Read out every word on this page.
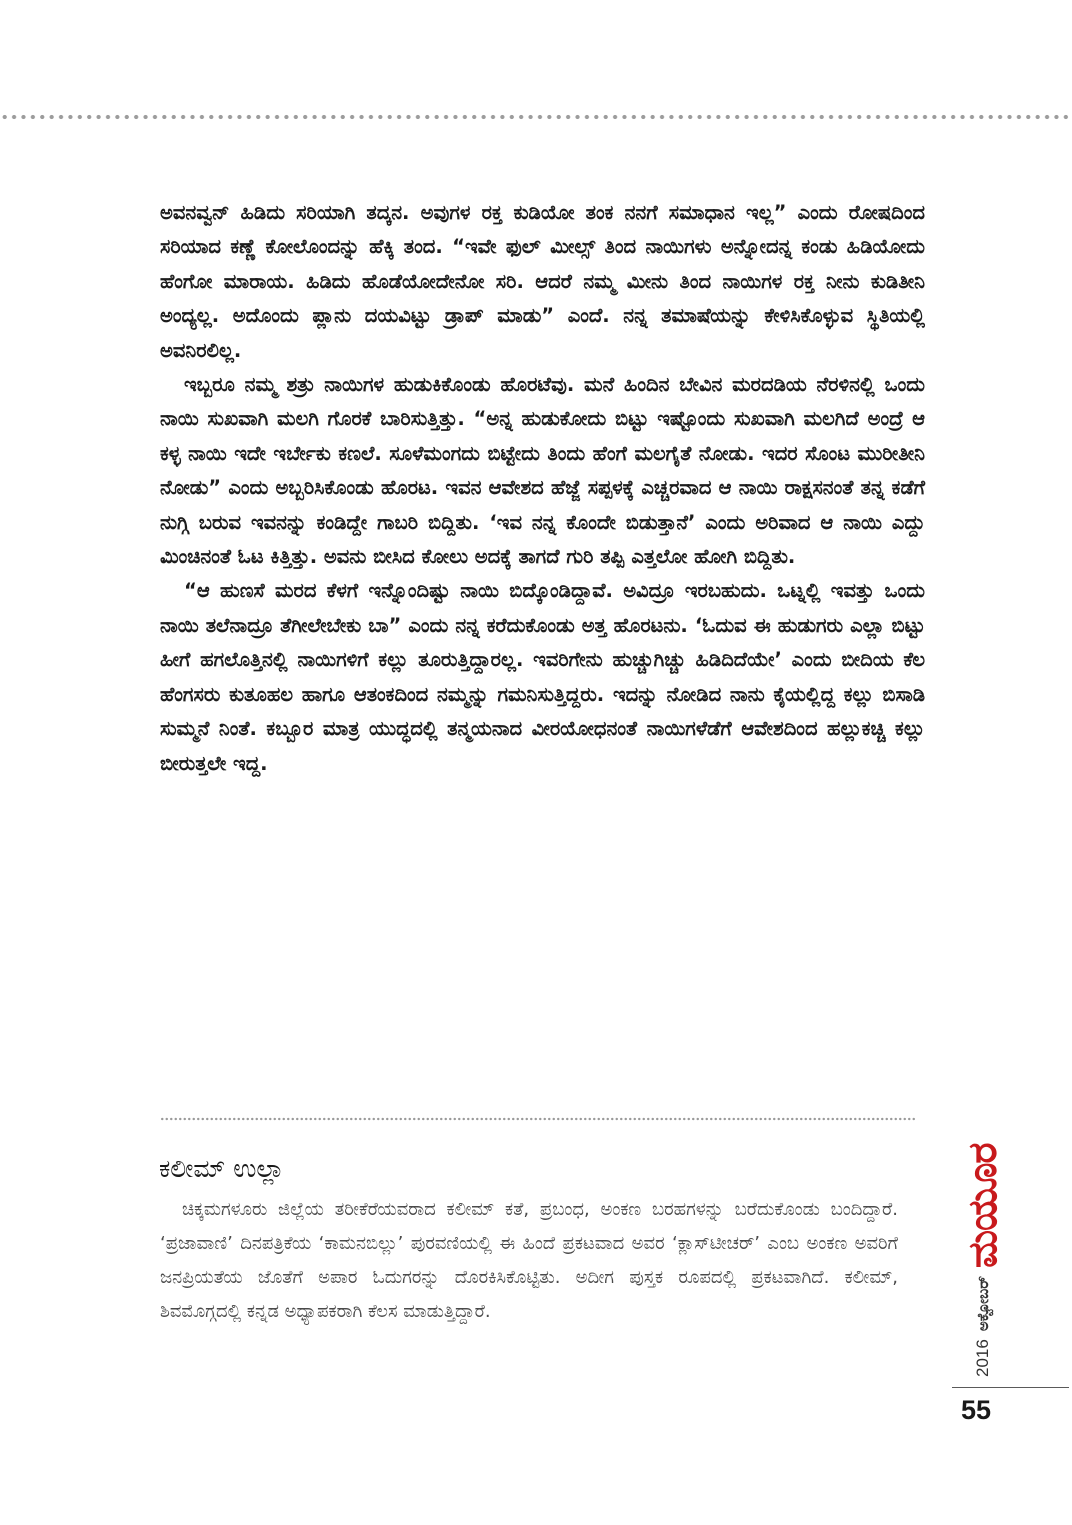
ಅವನವ್ವನ್ ಹಿಡಿದು ಸರಿಯಾಗಿ ತದ್ಕನ. ಅವುಗಳ ರಕ್ತ ಕುಡಿಯೋ ತಂಕ ನನಗೆ ಸಮಾಧಾನ ಇಲ್ಲ” ಎಂದು ರೋಷದಿಂದ ಸರಿಯಾದ ಕಣ್ಣೆ ಕೋಲೊಂದನ್ನು ಹೆಕ್ಕಿ ತಂದ. “ಇವೇ ಫುಲ್ ಮೀಲ್ಸ್ ತಿಂದ ನಾಯಿಗಳು ಅನ್ನೋದನ್ನ ಕಂಡು ಹಿಡಿಯೋದು ಹೆಂಗೋ ಮಾರಾಯ. ಹಿಡಿದು ಹೊಡೆಯೋದೇನೋ ಸರಿ. ಆದರೆ ನಮ್ಮ ಮೀನು ತಿಂದ ನಾಯಿಗಳ ರಕ್ತ ನೀನು ಕುಡಿತೀನಿ ಅಂದ್ಯಲ್ಲ. ಅದೊಂದು ಪ್ಲಾನು ದಯವಿಟ್ಟು ಡ್ರಾಪ್ ಮಾಡು” ಎಂದೆ. ನನ್ನ ತಮಾಷೆಯನ್ನು ಕೇಳಿಸಿಕೊಳ್ಳುವ ಸ್ಥಿತಿಯಲ್ಲಿ ಅವನಿರಲಿಲ್ಲ.

ಇಬ್ಬರೂ ನಮ್ಮ ಶತ್ರು ನಾಯಿಗಳ ಹುಡುಕಿಕೊಂಡು ಹೊರಟೆವು. ಮನೆ ಹಿಂದಿನ ಬೇವಿನ ಮರದಡಿಯ ನೆರಳಿನಲ್ಲಿ ಒಂದು ನಾಯಿ ಸುಖವಾಗಿ ಮಲಗಿ ಗೊರಕೆ ಬಾರಿಸುತ್ತಿತ್ತು. “ಅನ್ನ ಹುಡುಕೋದು ಬಿಟ್ಟು ಇಷ್ಟೊಂದು ಸುಖವಾಗಿ ಮಲಗಿದೆ ಅಂದ್ರೆ ಆ ಕಳ್ಳ ನಾಯಿ ಇದೇ ಇರ್ಬೇಕು ಕಣಲೆ. ಸೂಳೆಮಂಗದು ಬಿಟ್ಟೇದು ತಿಂದು ಹೆಂಗೆ ಮಲಗೈತೆ ನೋಡು. ಇದರ ಸೊಂಟ ಮುರೀತೀನಿ ನೋಡು” ಎಂದು ಅಬ್ಬರಿಸಿಕೊಂಡು ಹೊರಟ. ಇವನ ಆವೇಶದ ಹೆಜ್ಜೆ ಸಪ್ಪಳಕ್ಕೆ ಎಚ್ಚರವಾದ ಆ ನಾಯಿ ರಾಕ್ಷಸನಂತೆ ತನ್ನ ಕಡೆಗೆ ನುಗ್ಗಿ ಬರುವ ಇವನನ್ನು ಕಂಡಿದ್ದೇ ಗಾಬರಿ ಬಿದ್ದಿತು. ‘ಇವ ನನ್ನ ಕೊಂದೇ ಬಿಡುತ್ತಾನೆ’ ಎಂದು ಅರಿವಾದ ಆ ನಾಯಿ ಎದ್ದು ಮಿಂಚಿನಂತೆ ಓಟ ಕಿತ್ತಿತ್ತು. ಅವನು ಬೀಸಿದ ಕೋಲು ಅದಕ್ಕೆ ತಾಗದೆ ಗುರಿ ತಪ್ಪಿ ಎತ್ತಲೋ ಹೋಗಿ ಬಿದ್ದಿತು.

“ಆ ಹುಣಸೆ ಮರದ ಕೆಳಗೆ ಇನ್ನೊಂದಿಷ್ಟು ನಾಯಿ ಬಿದ್ಕೊಂಡಿದ್ದಾವೆ. ಅವಿದ್ರೂ ಇರಬಹುದು. ಒಟ್ನಲ್ಲಿ ಇವತ್ತು ಒಂದು ನಾಯಿ ತಲೆನಾದ್ರೂ ತೆಗೀಲೇಬೇಕು ಬಾ” ಎಂದು ನನ್ನ ಕರೆದುಕೊಂಡು ಅತ್ತ ಹೊರಟನು. ‘ಓದುವ ಈ ಹುಡುಗರು ಎಲ್ಲಾ ಬಿಟ್ಟು ಹೀಗೆ ಹಗಲೊತ್ತಿನಲ್ಲಿ ನಾಯಿಗಳಿಗೆ ಕಲ್ಲು ತೂರುತ್ತಿದ್ದಾರಲ್ಲ. ಇವರಿಗೇನು ಹುಚ್ಚುಗಿಚ್ಚು ಹಿಡಿದಿದೆಯೇ’ ಎಂದು ಬೀದಿಯ ಕೆಲ ಹೆಂಗಸರು ಕುತೂಹಲ ಹಾಗೂ ಆತಂಕದಿಂದ ನಮ್ಮನ್ನು ಗಮನಿಸುತ್ತಿದ್ದರು. ಇದನ್ನು ನೋಡಿದ ನಾನು ಕೈಯಲ್ಲಿದ್ದ ಕಲ್ಲು ಬಿಸಾಡಿ ಸುಮ್ಮನೆ ನಿಂತೆ. ಕಬ್ಬೂರ ಮಾತ್ರ ಯುದ್ಧದಲ್ಲಿ ತನ್ಮಯನಾದ ವೀರಯೋಧನಂತೆ ನಾಯಿಗಳೆಡೆಗೆ ಆವೇಶದಿಂದ ಹಲ್ಲುಕಚ್ಚಿ ಕಲ್ಲು ಬೀರುತ್ತಲೇ ಇದ್ದ.

ಕಲೀಮ್ ಉಲ್ಲಾ

ಚಿಕ್ಕಮಗಳೂರು ಜಿಲ್ಲೆಯ ತರೀಕೆರೆಯವರಾದ ಕಲೀಮ್ ಕತೆ, ಪ್ರಬಂಧ, ಅಂಕಣ ಬರಹಗಳನ್ನು ಬರೆದುಕೊಂಡು ಬಂದಿದ್ದಾರೆ. ‘ಪ್ರಜಾವಾಣಿ’ ದಿನಪತ್ರಿಕೆಯ ‘ಕಾಮನಬಿಲ್ಲು’ ಪುರವಣಿಯಲ್ಲಿ ಈ ಹಿಂದೆ ಪ್ರಕಟವಾದ ಅವರ ‘ಕ್ಲಾಸ್‌ಟೀಚರ್’ ಎಂಬ ಅಂಕಣ ಅವರಿಗೆ ಜನಪ್ರಿಯತೆಯ ಜೊತೆಗೆ ಅಪಾರ ಓದುಗರನ್ನು ದೊರಕಿಸಿಕೊಟ್ಟಿತು. ಅದೀಗ ಪುಸ್ತಕ ರೂಪದಲ್ಲಿ ಪ್ರಕಟವಾಗಿದೆ. ಕಲೀಮ್, ಶಿವಮೊಗ್ಗದಲ್ಲಿ ಕನ್ನಡ ಅಧ್ಯಾಪಕರಾಗಿ ಕೆಲಸ ಮಾಡುತ್ತಿದ್ದಾರೆ.

ಮಯೂರ
ಅಕ್ಟೋಬರ್
2016
55
